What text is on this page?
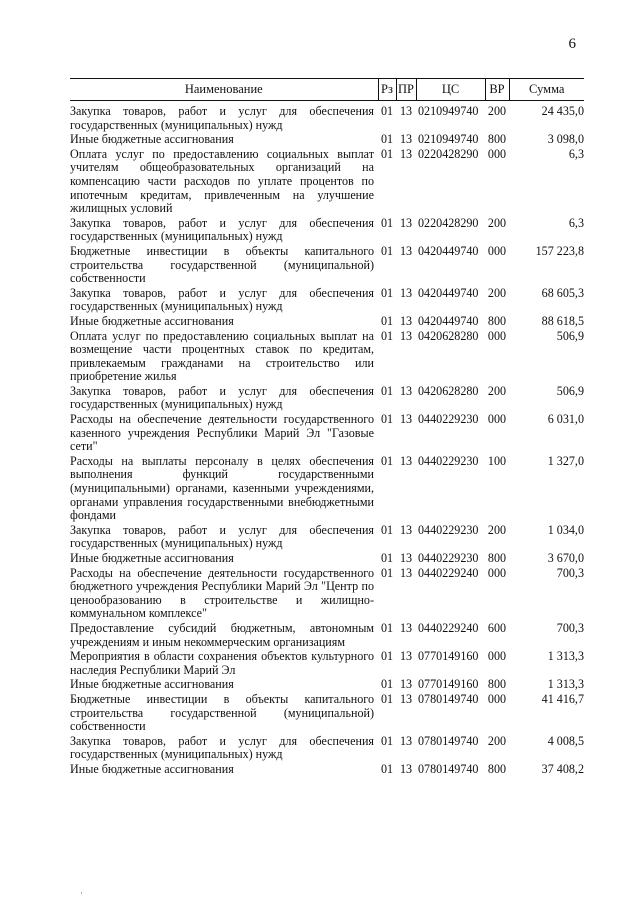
6
Наименование	Рз	ПР	ЦС	ВР	Сумма

Закупка товаров, работ и услуг для обеспечения государственных (муниципальных) нужд	01	13	0210949740	200	24 435,0
Иные бюджетные ассигнования	01	13	0210949740	800	3 098,0
Оплата услуг по предоставлению социальных выплат учителям общеобразовательных организаций на компенсацию части расходов по уплате процентов по ипотечным кредитам, привлеченным на улучшение жилищных условий	01	13	0220428290	000	6,3
Закупка товаров, работ и услуг для обеспечения государственных (муниципальных) нужд	01	13	0220428290	200	6,3
Бюджетные инвестиции в объекты капитального строительства государственной (муниципальной) собственности	01	13	0420449740	000	157 223,8
Закупка товаров, работ и услуг для обеспечения государственных (муниципальных) нужд	01	13	0420449740	200	68 605,3
Иные бюджетные ассигнования	01	13	0420449740	800	88 618,5
Оплата услуг по предоставлению социальных выплат на возмещение части процентных ставок по кредитам, привлекаемым гражданами на строительство или приобретение жилья	01	13	0420628280	000	506,9
Закупка товаров, работ и услуг для обеспечения государственных (муниципальных) нужд	01	13	0420628280	200	506,9
Расходы на обеспечение деятельности государственного казенного учреждения Республики Марий Эл "Газовые сети"	01	13	0440229230	000	6 031,0
Расходы на выплаты персоналу в целях обеспечения выполнения функций государственными (муниципальными) органами, казенными учреждениями, органами управления государственными внебюджетными фондами	01	13	0440229230	100	1 327,0
Закупка товаров, работ и услуг для обеспечения государственных (муниципальных) нужд	01	13	0440229230	200	1 034,0
Иные бюджетные ассигнования	01	13	0440229230	800	3 670,0
Расходы на обеспечение деятельности государственного бюджетного учреждения Республики Марий Эл "Центр по ценообразованию в строительстве и жилищно-коммунальном комплексе"	01	13	0440229240	000	700,3
Предоставление субсидий бюджетным, автономным учреждениям и иным некоммерческим организациям	01	13	0440229240	600	700,3
Мероприятия в области сохранения объектов культурного наследия Республики Марий Эл	01	13	0770149160	000	1 313,3
Иные бюджетные ассигнования	01	13	0770149160	800	1 313,3
Бюджетные инвестиции в объекты капитального строительства государственной (муниципальной) собственности	01	13	0780149740	000	41 416,7
Закупка товаров, работ и услуг для обеспечения государственных (муниципальных) нужд	01	13	0780149740	200	4 008,5
Иные бюджетные ассигнования	01	13	0780149740	800	37 408,2
·
